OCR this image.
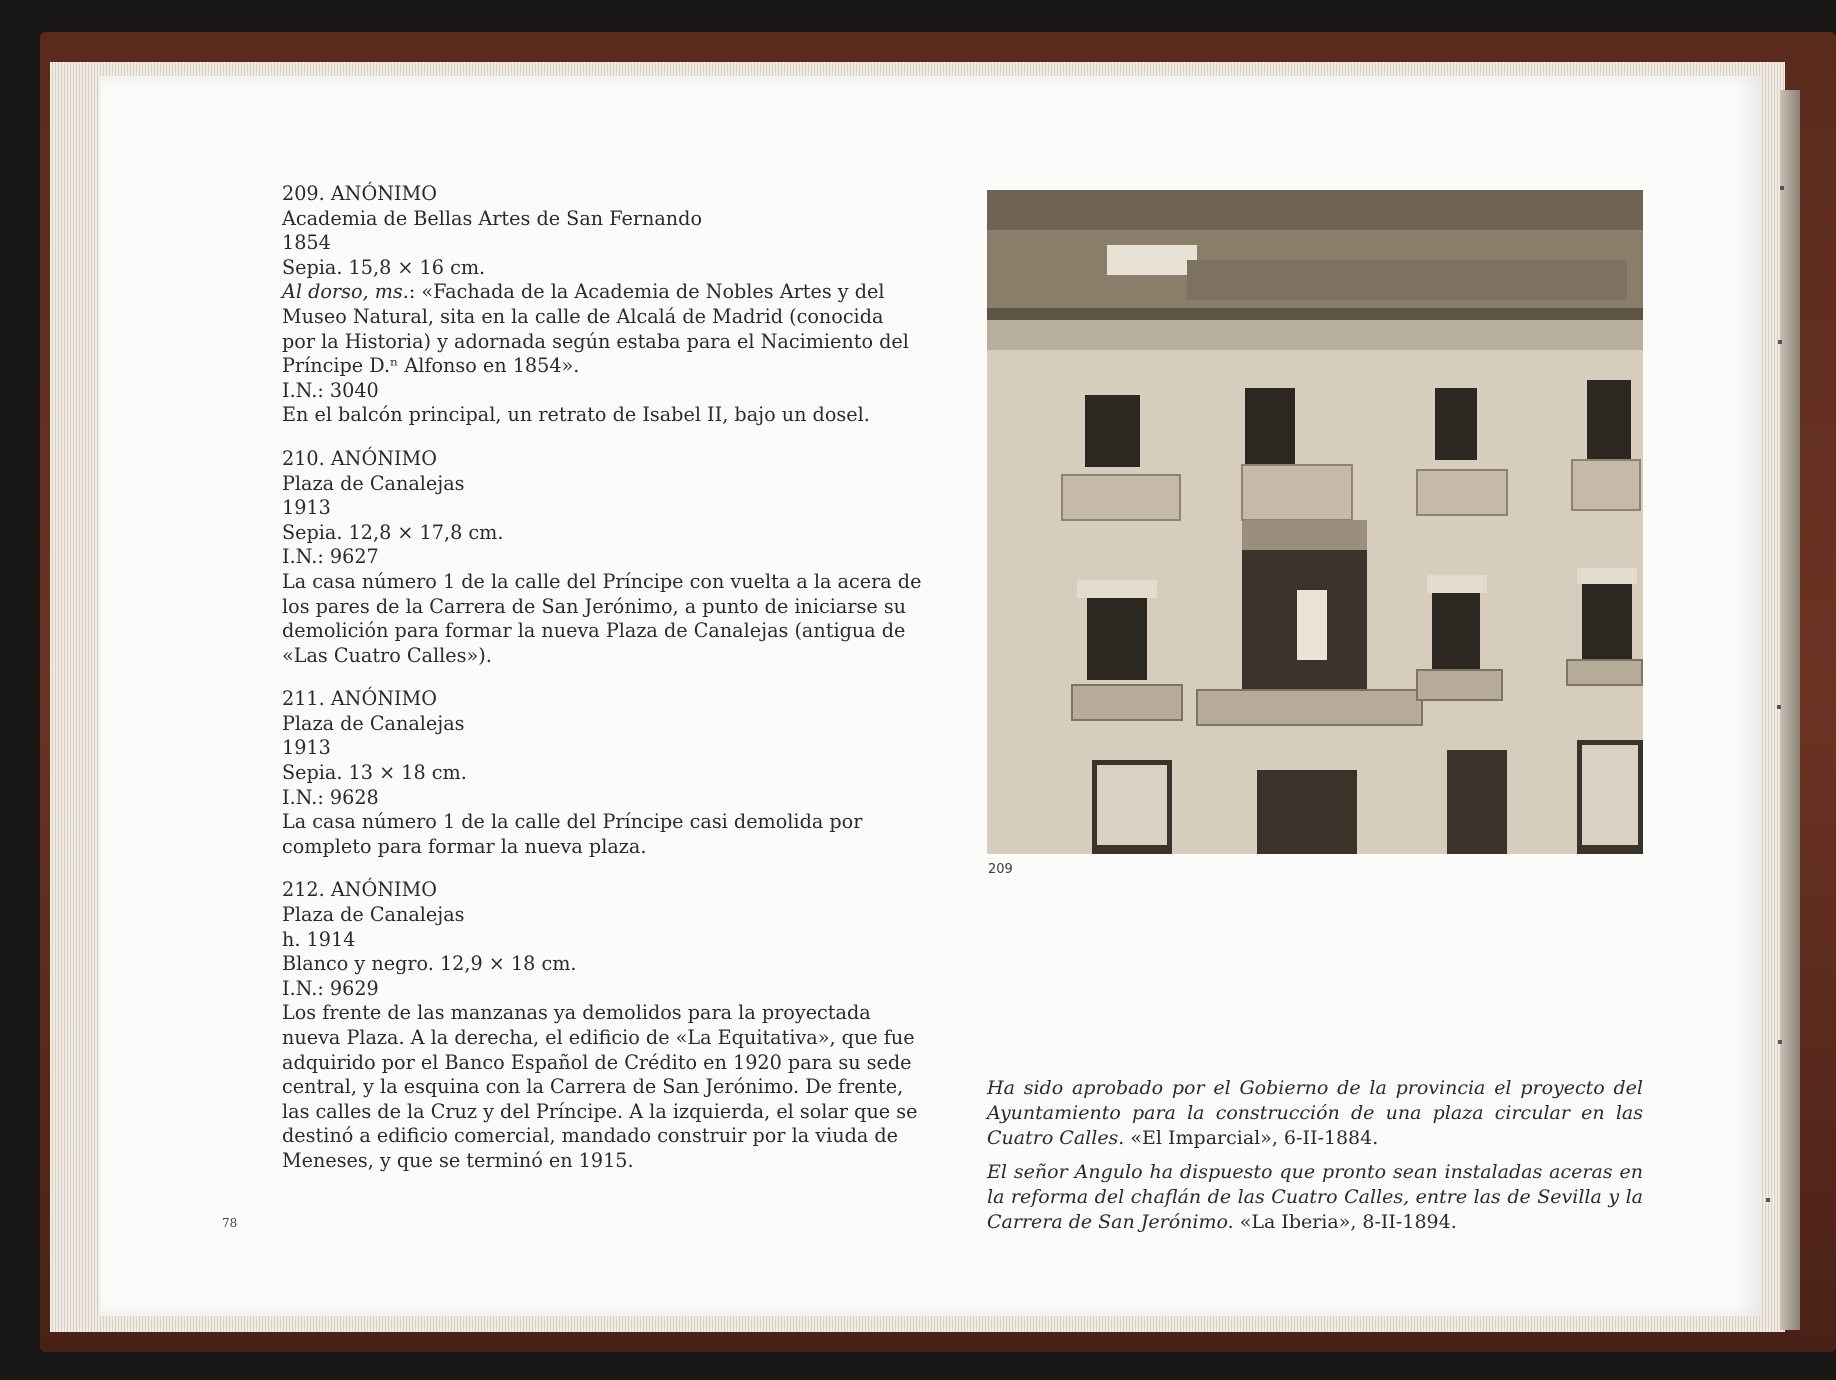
209. ANÓNIMO
Academia de Bellas Artes de San Fernando
1854
Sepia. 15,8 × 16 cm.
Al dorso, ms.: «Fachada de la Academia de Nobles Artes y del Museo Natural, sita en la calle de Alcalá de Madrid (conocida por la Historia) y adornada según estaba para el Nacimiento del Príncipe D.ⁿ Alfonso en 1854».
I.N.: 3040
En el balcón principal, un retrato de Isabel II, bajo un dosel.
210. ANÓNIMO
Plaza de Canalejas
1913
Sepia. 12,8 × 17,8 cm.
I.N.: 9627
La casa número 1 de la calle del Príncipe con vuelta a la acera de los pares de la Carrera de San Jerónimo, a punto de iniciarse su demolición para formar la nueva Plaza de Canalejas (antigua de «Las Cuatro Calles»).
211. ANÓNIMO
Plaza de Canalejas
1913
Sepia. 13 × 18 cm.
I.N.: 9628
La casa número 1 de la calle del Príncipe casi demolida por completo para formar la nueva plaza.
212. ANÓNIMO
Plaza de Canalejas
h. 1914
Blanco y negro. 12,9 × 18 cm.
I.N.: 9629
Los frente de las manzanas ya demolidos para la proyectada nueva Plaza. A la derecha, el edificio de «La Equitativa», que fue adquirido por el Banco Español de Crédito en 1920 para su sede central, y la esquina con la Carrera de San Jerónimo. De frente, las calles de la Cruz y del Príncipe. A la izquierda, el solar que se destinó a edificio comercial, mandado construir por la viuda de Meneses, y que se terminó en 1915.
209

Ha sido aprobado por el Gobierno de la provincia el proyecto del Ayuntamiento para la construcción de una plaza circular en las Cuatro Calles. «El Imparcial», 6-II-1884.

El señor Angulo ha dispuesto que pronto sean instaladas aceras en la reforma del chaflán de las Cuatro Calles, entre las de Sevilla y la Carrera de San Jerónimo. «La Iberia», 8-II-1894.

78
